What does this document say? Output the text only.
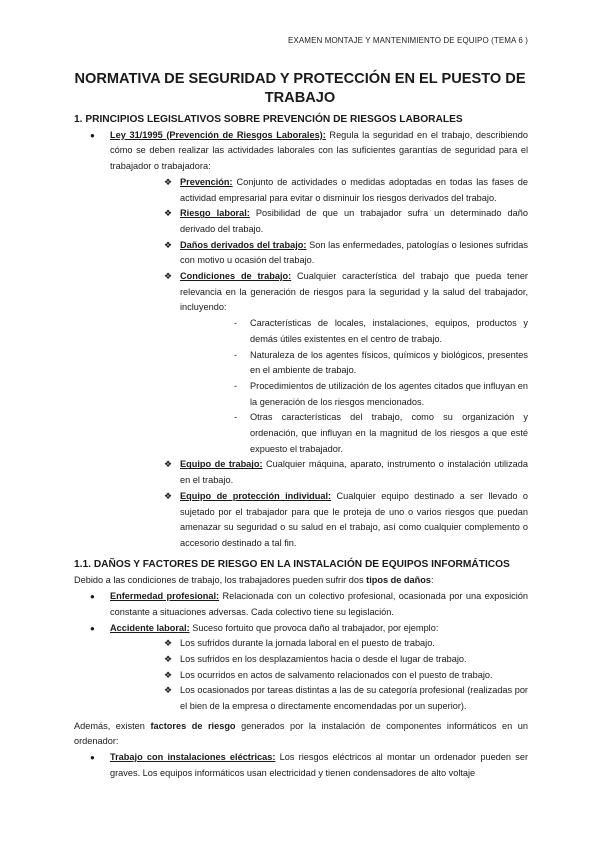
EXAMEN MONTAJE Y MANTENIMIENTO DE EQUIPO (TEMA 6 )
NORMATIVA DE SEGURIDAD Y PROTECCIÓN EN EL PUESTO DE TRABAJO

1. PRINCIPIOS LEGISLATIVOS SOBRE PREVENCIÓN DE RIESGOS LABORALES

● Ley 31/1995 (Prevención de Riesgos Laborales): Regula la seguridad en el trabajo, describiendo cómo se deben realizar las actividades laborales con las suficientes garantías de seguridad para el trabajador o trabajadora:
❖ Prevención: Conjunto de actividades o medidas adoptadas en todas las fases de actividad empresarial para evitar o disminuir los riesgos derivados del trabajo.
❖ Riesgo laboral: Posibilidad de que un trabajador sufra un determinado daño derivado del trabajo.
❖ Daños derivados del trabajo: Son las enfermedades, patologías o lesiones sufridas con motivo u ocasión del trabajo.
❖ Condiciones de trabajo: Cualquier característica del trabajo que pueda tener relevancia en la generación de riesgos para la seguridad y la salud del trabajador, incluyendo:
- Características de locales, instalaciones, equipos, productos y demás útiles existentes en el centro de trabajo.
- Naturaleza de los agentes físicos, químicos y biológicos, presentes en el ambiente de trabajo.
- Procedimientos de utilización de los agentes citados que influyan en la generación de los riesgos mencionados.
- Otras características del trabajo, como su organización y ordenación, que influyan en la magnitud de los riesgos a que esté expuesto el trabajador.
❖ Equipo de trabajo: Cualquier máquina, aparato, instrumento o instalación utilizada en el trabajo.
❖ Equipo de protección individual: Cualquier equipo destinado a ser llevado o sujetado por el trabajador para que le proteja de uno o varios riesgos que puedan amenazar su seguridad o su salud en el trabajo, así como cualquier complemento o accesorio destinado a tal fin.

1.1. DAÑOS Y FACTORES DE RIESGO EN LA INSTALACIÓN DE EQUIPOS INFORMÁTICOS

Debido a las condiciones de trabajo, los trabajadores pueden sufrir dos tipos de daños:

● Enfermedad profesional: Relacionada con un colectivo profesional, ocasionada por una exposición constante a situaciones adversas. Cada colectivo tiene su legislación.
● Accidente laboral: Suceso fortuito que provoca daño al trabajador, por ejemplo:
❖ Los sufridos durante la jornada laboral en el puesto de trabajo.
❖ Los sufridos en los desplazamientos hacia o desde el lugar de trabajo.
❖ Los ocurridos en actos de salvamento relacionados con el puesto de trabajo.
❖ Los ocasionados por tareas distintas a las de su categoría profesional (realizadas por el bien de la empresa o directamente encomendadas por un superior).

Además, existen factores de riesgo generados por la instalación de componentes informáticos en un ordenador:

● Trabajo con instalaciones eléctricas: Los riesgos eléctricos al montar un ordenador pueden ser graves. Los equipos informáticos usan electricidad y tienen condensadores de alto voltaje
